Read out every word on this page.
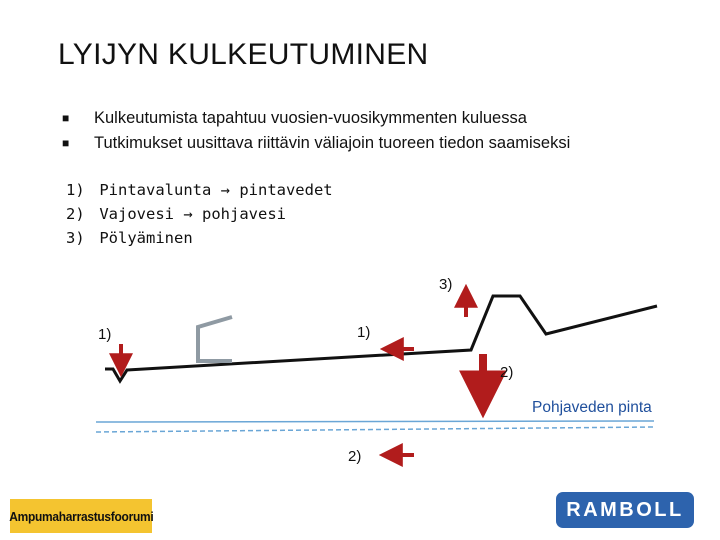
LYIJYN KULKEUTUMINEN
■ Kulkeutumista tapahtuu vuosien-vuosikymmenten kuluessa
■ Tutkimukset uusittava riittävin väliajoin tuoreen tiedon saamiseksi
1) Pintavalunta → pintavedet
2) Vajovesi → pohjavesi
3) Pölyäminen
3)
1)	1)
2)
Pohjaveden pinta
2)
Ampumaharrastusfoorumi	RAMBOLL
